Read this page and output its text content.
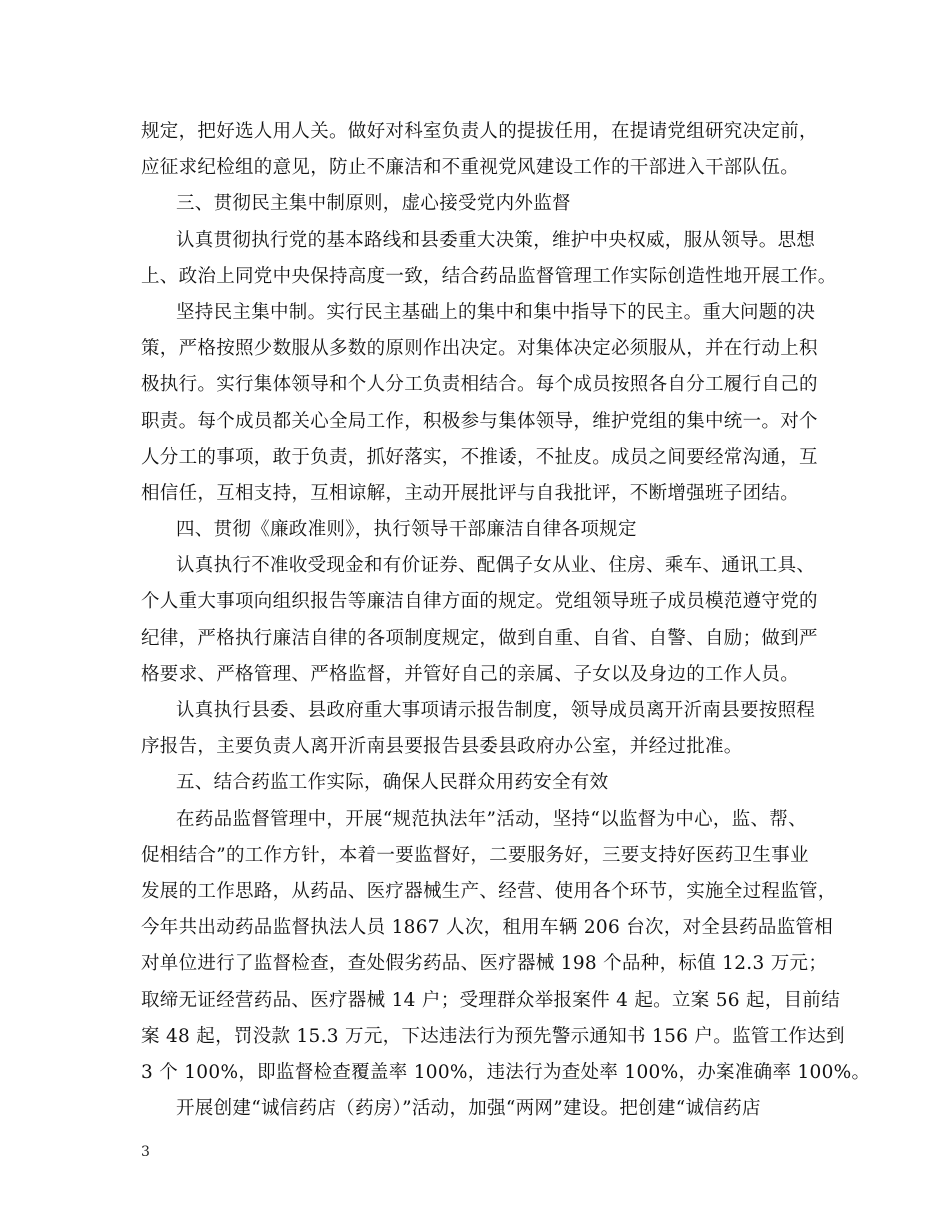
规定，把好选人用人关。做好对科室负责人的提拔任用，在提请党组研究决定前，
应征求纪检组的意见，防止不廉洁和不重视党风建设工作的干部进入干部队伍。
三、贯彻民主集中制原则，虚心接受党内外监督
认真贯彻执行党的基本路线和县委重大决策，维护中央权威，服从领导。思想
上、政治上同党中央保持高度一致，结合药品监督管理工作实际创造性地开展工作。
坚持民主集中制。实行民主基础上的集中和集中指导下的民主。重大问题的决
策，严格按照少数服从多数的原则作出决定。对集体决定必须服从，并在行动上积
极执行。实行集体领导和个人分工负责相结合。每个成员按照各自分工履行自己的
职责。每个成员都关心全局工作，积极参与集体领导，维护党组的集中统一。对个
人分工的事项，敢于负责，抓好落实，不推诿，不扯皮。成员之间要经常沟通，互
相信任，互相支持，互相谅解，主动开展批评与自我批评，不断增强班子团结。
四、贯彻《廉政准则》，执行领导干部廉洁自律各项规定
认真执行不准收受现金和有价证券、配偶子女从业、住房、乘车、通讯工具、
个人重大事项向组织报告等廉洁自律方面的规定。党组领导班子成员模范遵守党的
纪律，严格执行廉洁自律的各项制度规定，做到自重、自省、自警、自励；做到严
格要求、严格管理、严格监督，并管好自己的亲属、子女以及身边的工作人员。
认真执行县委、县政府重大事项请示报告制度，领导成员离开沂南县要按照程
序报告，主要负责人离开沂南县要报告县委县政府办公室，并经过批准。
五、结合药监工作实际，确保人民群众用药安全有效
在药品监督管理中，开展“规范执法年”活动，坚持“以监督为中心，监、帮、
促相结合”的工作方针，本着一要监督好，二要服务好，三要支持好医药卫生事业
发展的工作思路，从药品、医疗器械生产、经营、使用各个环节，实施全过程监管，
今年共出动药品监督执法人员 1867 人次，租用车辆 206 台次，对全县药品监管相
对单位进行了监督检查，查处假劣药品、医疗器械 198 个品种，标值 12.3 万元；
取缔无证经营药品、医疗器械 14 户；受理群众举报案件 4 起。立案 56 起，目前结
案 48 起，罚没款 15.3 万元，下达违法行为预先警示通知书 156 户。监管工作达到
3 个 100%，即监督检查覆盖率 100%，违法行为查处率 100%，办案准确率 100%。
开展创建“诚信药店（药房）”活动，加强“两网”建设。把创建“诚信药店
3
